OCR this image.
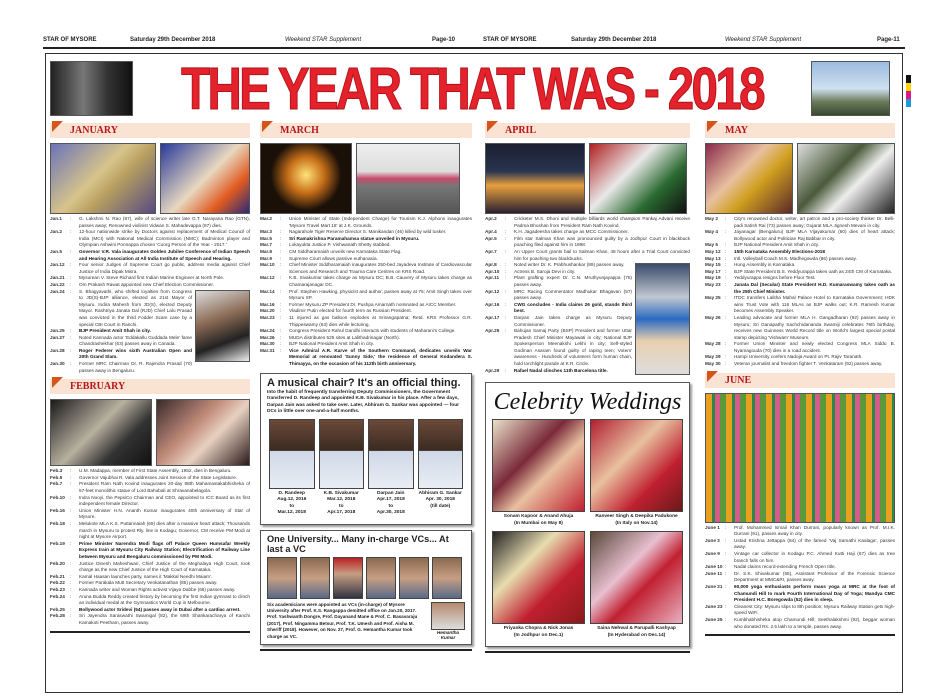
STAR OF MYSORE	Saturday 29th December 2018	Weekend STAR Supplement	Page-10	STAR OF MYSORE	Saturday 29th December 2018	Weekend STAR Supplement	Page-11
THE YEAR THAT WAS - 2018
JANUARY
Jan.1	:	G. Lakshmi N. Rao (87), wife of science writer late G.T. Narayana Rao (GTN), passes away; Renowned violinist Vidwan S. Mahadevappa (87) dies.
Jan.2	:	12-hour nationwide strike by Doctors against replacement of Medical Council of India (MCI) with National Medical Commission (NMC); Badminton player and Olympian Ashwini Ponnappa chosen 'Coorg Person of the Year - 2017.'
Jan.5	:	Governor V.R. Vala inaugurates Golden Jubilee Conference of Indian Speech and Hearing Association at All India Institute of Speech and Hearing.
Jan.12	:	Four senior Judges of Supreme Court go public, address media against Chief Justice of India Dipak Misra.
Jan.21	:	Mysurean V. Steve Richard first Indian Marine Engineer at North Pole.
Jan.22	:	Om Prakash Rawat appointed new Chief Election Commissioner.
Jan.24	:	S. Bhagyavathi, who shifted loyalties from Congress to JD(S)-BJP alliance, elected as 21st Mayor of Mysuru. Indira Mahesh from JD(S), elected Deputy Mayor. Rashtriya Janata Dal (RJD) Chief Lalu Prasad was convicted in the third Fodder Scam case by a special CBI Court in Ranchi.
Jan.25	:	BJP President Amit Shah in city.
Jan.27	:	Noted Kannada actor 'Eddakallu Guddada Mele' fame Chandrashekhar (63) passes away in Canada.
Jan.28	:	Roger Federer wins sixth Australian Open and 20th Grand Slam.
Jan.30	:	Former MRC Chairman Dr. R. Rajendra Prasad (70) passes away in Bengaluru.
FEBRUARY
Feb.3	:	U.M. Madappa, member of First State Assembly, 1952, dies in Bengaluru.
Feb.5	:	Governor Vajubhai R. Vala addresses Joint Session of the State Legislature.
Feb.7	:	President Ram Nath Kovind inaugurates 20-day 88th Mahamastakabhisheka of 57-feet monolithic statue of Lord Bahubali at Shravanabelagola.
Feb.10	:	Indra Nooyi, the PepsiCo Chairman and CEO, appointed to ICC Board as its first independent female Director.
Feb.16	:	Union Minister H.N. Ananth Kumar inaugurates 40th anniversary of Star of Mysore.
Feb.18	:	Melukote MLA K.S. Puttannaiah (69) dies after a massive heart attack; Thousands march in Mysuru to protest Rly. line in Kodagu; Governor, CM receive PM Modi at night at Mysore Airport.
Feb.19	:	Prime Minister Narendra Modi flags off Palace Queen Humsafar Weekly Express train at Mysuru City Railway Station; Electrification of Railway Line between Mysuru and Bengaluru commissioned by PM Modi.
Feb.20	:	Justice Dinesh Maheshwari, Chief Justice of the Meghalaya High Court, took charge as the new Chief Justice of the High Court of Karnataka.
Feb.21	:	Kamal Haasan launches party, names it 'Makkal Needhi Maiam'.
Feb.22	:	Former Parakala Mutt Secretary Venkatanathan (85) passes away.
Feb.23	:	Kannada writer and Woman Rights activist Vijaya Dabbe (66) passes away.
Feb.24	:	Aruna Budda Reddy created history by becoming the first Indian gymnast to clinch an individual medal at the Gymnastics World Cup in Melbourne.
Feb.25	:	Bollywood actor Sridevi (54) passes away in Dubai after a cardiac arrest.
Feb.28	:	Sri Jayendra Saraswathi Swamigal (82), the 69th Shankaracharya of Kanchi Kamakoti Peetham, passes away.
MARCH
Mar.2	:	Union Minister of State (Independent Charge) for Tourism K.J. Alphons inaugurates 'Mysore Travel Mart 18' at J.K. Grounds.
Mar.3	:	Nagarahole Tiger Reserve Director S. Manikandan (46) killed by wild tusker.
Mar.5	:	Sri Ramakrishna Paramahamsa statue unveiled in Mysuru.
Mar.7	:	Lokayukta Justice P. Vishwanath Shetty stabbed.
Mar.8	:	CM Siddharamaiah unveils new Karnataka State Flag.
Mar.9	:	Supreme Court allows passive euthanasia.
Mar.10	:	Chief Minister Siddharamaiah inaugurates 250-bed Jayadeva Institute of Cardiovascular Sciences and Research and Trauma Care Centres on KRS Road.
Mar.12	:	K.B. Sivakumar takes charge as Mysuru DC; B.B. Cauvery of Mysuru takes charge as Chamarajanagar DC.
Mar.14	:	Prof. Stephen Hawking, physicist and author, passes away at 76; Amit Singh takes over Mysuru SP.
Mar.16	:	Former Mysuru ZP President Dr. Pushpa Amarnath nominated as AICC Member.
Mar.20	:	Vladimir Putin elected for fourth term as Russian President.
Mar.23	:	11 injured as gas balloon explodes at Srirangapatna; Retd. KRS Professor G.R. Thippeswamy (63) dies while lecturing.
Mar.24	:	Congress President Rahul Gandhi interacts with students of Maharani's College.
Mar.26	:	MUDA distributes 525 sites at Lalithadrinagar (North).
Mar.30	:	BJP National President Amit Shah in city.
Mar.31	:	Vice Admiral A.R. Karve of the Southern Command, dedicates unveils War Memorial at renovated 'Sunny Side,' the residence of General Kodandera S. Thimayya, on the occasion of his 112th birth anniversary.
A musical chair? It's an official thing.

Into the habit of frequently transferring Deputy Commissioners, the Government transferred D. Randeep and appointed K.B. Sivakumar in his place. After a few days, Darpan Jain was asked to take over. Later, Abhiram G. Sankar was appointed — four DCs in little over one-and-a-half months.

D. Randeep
Aug.12, 2016
to
Mar.12, 2018
K.B. Sivakumar
Mar.12, 2018
to
Apr.17, 2018
Darpan Jain
Apr.17, 2018
to
Apr.30, 2018
Abhiram G. Sankar
Apr. 30, 2018
(till date)
One University... Many in-charge VCs... At last a VC

Six academicians were appointed as VCs (in-charge) of Mysore University after Prof. K.S. Rangappa demitted office on Jan.20, 2017. Prof. Yashwanth Dongre, Prof. Dayanand Mane & Prof. C. Basavaraju (2017), Prof. Ningamma Betsur, Prof. T.K. Umesh and Prof. Aisha M. Sheriff (2018). However, on Nov. 27, Prof. G. Hemantha Kumar took charge as VC.

Hemantha Kumar
APRIL
Apr.2	:	Cricketer M.S. Dhoni and multiple billiards world champion Pankaj Advani receive Padma Bhushan from President Ram Nath Kovind.
Apr.4	:	K.H. Jagadeesha takes charge as MCC Commissioner.
Apr.5	:	Film star Salman Khan was pronounced guilty by a Jodhpur Court in blackbuck poaching filed against him in 1998.
Apr.7	:	An Upper Court grants bail to Salman Khan, 48 hours after a Trial Court convicted him for poaching two blackbucks.
Apr.8	:	Noted writer Dr. K. Prabhushankar (89) passes away.
Apr.10	:	Actress B. Saroja Devi in city.
Apr.11	:	Plant grafting expert Dr. C.N. Mruthyunjayappa (75) passes away.
Apr.12	:	MRC Racing Commentator Madhukar Bhagavan (57) passes away.
Apr.16	:	CWG concludes - India claims 26 gold, stands third best.
Apr.17	:	Darpan Jain takes charge as Mysuru Deputy Commissioner.
Apr.25	:	Bahujan Samaj Party (BSP) President and former Uttar Pradesh Chief Minister Mayawati in city; National BJP Spokesperson Meenakshi Lekhi in city; Self-styled Godman Asaram found guilty of raping teen; Voters' awareness - Hundreds of volunteers form human chain, hold torchlight parade at K.R. Circle.
Apr.29	:	Rafael Nadal clinches 11th Barcelona title.
Celebrity Weddings
Sonam Kapoor & Anand Ahuja
(In Mumbai on May 8)
Ranveer Singh & Deepika Padukone
(In Italy on Nov.14)
Priyanka Chopra & Nick Jonas
(In Jodhpur on Dec.1)
Saina Nehwal & Parupalli Kashyap
(In Hyderabad on Dec.14)
MAY
May 2	:	City's renowned doctor, writer, art patron and a pro-society thinker Dr. Belli-padi Satish Rai (73) passes away; Gujarat MLA Jignesh Mevani in city.
May 4	:	Jayanagar (Bengaluru) BJP MLA Vijayakumar (60) dies of heart attack; Bollywood actor and Politician Raj Babbar in city.
May 5	:	BJP National President Amit Shah in city.
May 12 :	15th Karnataka Assembly Elections-2018
May 13 :	Intl. Volleyball Coach M.S. Madhegowda (86) passes away.
May 15 :	Hung Assembly in Karnataka.
May 17 :	BJP State President B.S. Yeddyurappa takes oath as 24th CM of Karnataka.
May 19 :	Yeddyurappa resigns before Floor Test.
May 23 :	Janata Dal (Secular) State President H.D. Kumaraswamy takes oath as the 25th Chief Minister.
May 25 :	ITDC transfers Lalitha Mahal Palace Hotel to Karnataka Government; HDK wins Trust Vote with 116 MLAs as BJP walks out; K.R. Ramesh Kumar becomes Assembly Speaker.
May 26 :	Leading advocate and former MLA H. Gangadharan (92) passes away in Mysuru; Sri Ganapathy Sachchidananda Swamiji celebrates 76th birthday, receives new Guinness World Record title on World's largest special postal stamp depicting 'Vishwam' Museum.
May 28 :	Former Union Minister and newly elected Congress MLA Siddu B. Nyamagouda (70) dies in a road accident.
May 29 :	Hampi University confers Nadoja Award on Pt. Rajiv Taranath.
May 30 :	Veteran journalist and freedom fighter T. Venkataram (92) passes away.
JUNE
June 1	:	Prof. Mohammed Ismail Khan Durrani, popularly known as Prof. M.I.K. Durrani (91), passes away in city.
June 2	:	Ustad Krishna Jettappa (84) of the famed 'Vaj Samathi Kaalaga', passes away.
June 9	:	Vintage car collector in Kodagu P.C. Ahmed Kutti Haji (67) dies as tree branch falls on him.
June 10 :	Nadal claims record-extending French Open title.
June 11 :	Dr. S.K. Shivakumar (55), Assistant Professor of the Forensic Science Department at MMC&RI, passes away.
June 21 :	60,000 yoga enthusiasts perform mass yoga at MRC at the foot of Chamundi Hill to mark Fourth International Day of Yoga; Mandya CMC President H.C. Boregowda (52) dies in sleep.
June 23 :	Cleanest City: Mysuru slips to 8th position; Mysuru Railway Station gets high-speed WiFi.
June 25 :	Kumbhabhisheka atop Chamundi Hill; Seethalakshmi (92), beggar woman who donated Rs. 2.5 lakh to a temple, passes away.
